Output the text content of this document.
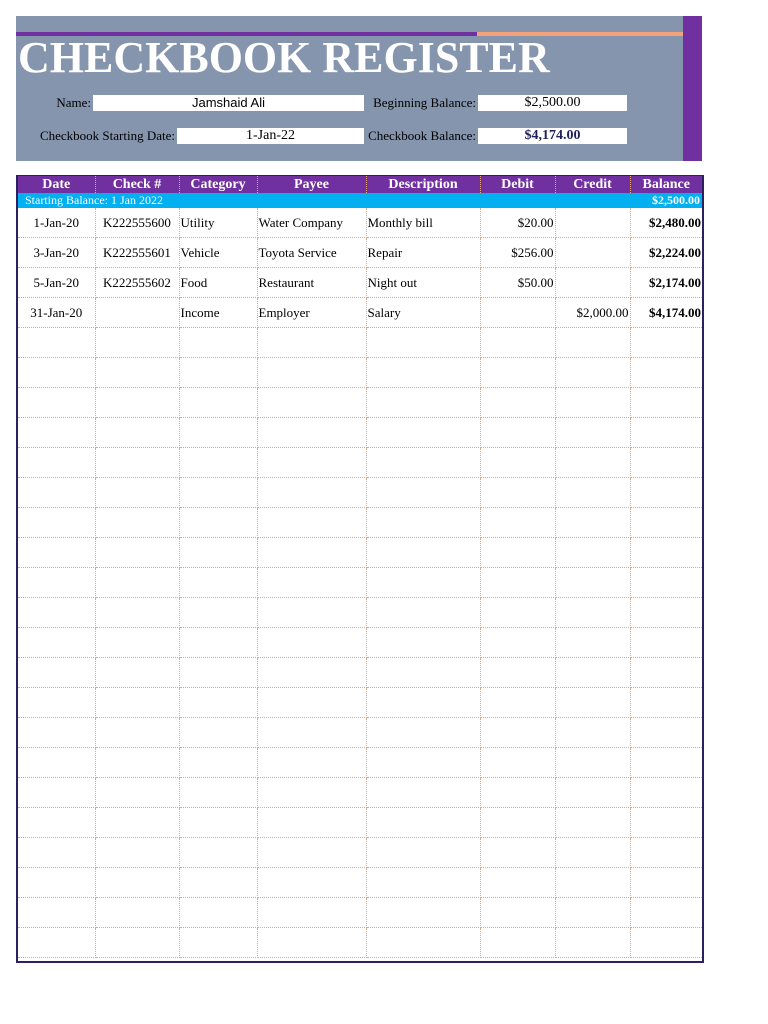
CHECKBOOK REGISTER
Name:	Jamshaid Ali	Beginning Balance:	$2,500.00
Checkbook Starting Date:	1-Jan-22	Checkbook Balance:	$4,174.00
Date	Check #	Category	Payee	Description	Debit	Credit	Balance
Starting Balance: 1 Jan 2022							$2,500.00
1-Jan-20	K222555600	Utility	Water Company	Monthly bill	$20.00		$2,480.00
3-Jan-20	K222555601	Vehicle	Toyota Service	Repair	$256.00		$2,224.00
5-Jan-20	K222555602	Food	Restaurant	Night out	$50.00		$2,174.00
31-Jan-20		Income	Employer	Salary		$2,000.00	$4,174.00
